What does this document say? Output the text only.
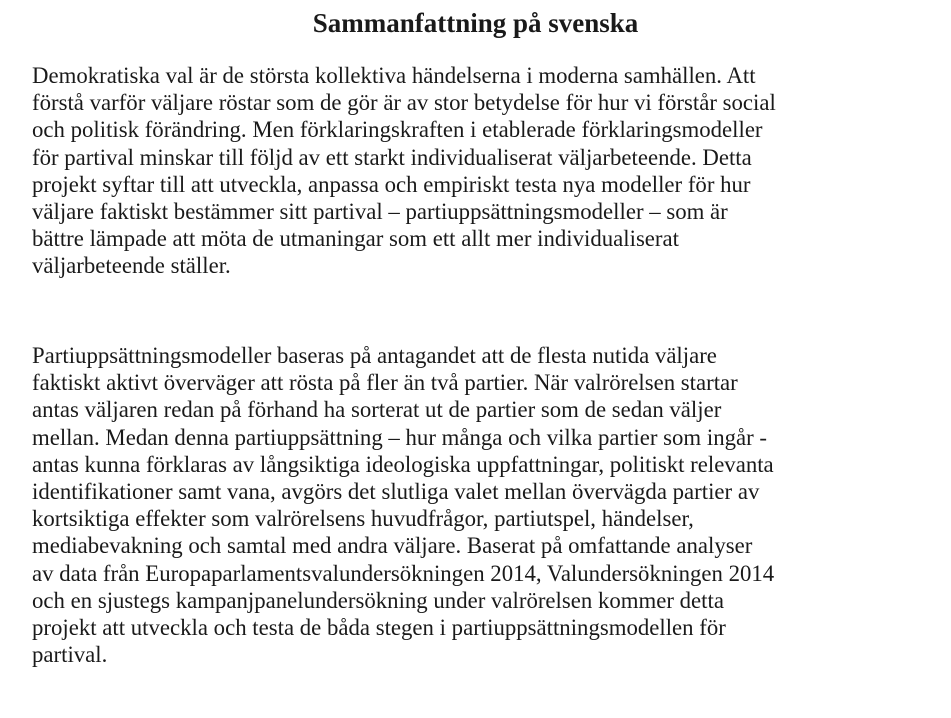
Sammanfattning på svenska

Demokratiska val är de största kollektiva händelserna i moderna samhällen. Att
förstå varför väljare röstar som de gör är av stor betydelse för hur vi förstår social
och politisk förändring. Men förklaringskraften i etablerade förklaringsmodeller
för partival minskar till följd av ett starkt individualiserat väljarbeteende. Detta
projekt syftar till att utveckla, anpassa och empiriskt testa nya modeller för hur
väljare faktiskt bestämmer sitt partival – partiuppsättningsmodeller – som är
bättre lämpade att möta de utmaningar som ett allt mer individualiserat
väljarbeteende ställer.

Partiuppsättningsmodeller baseras på antagandet att de flesta nutida väljare
faktiskt aktivt överväger att rösta på fler än två partier. När valrörelsen startar
antas väljaren redan på förhand ha sorterat ut de partier som de sedan väljer
mellan. Medan denna partiuppsättning – hur många och vilka partier som ingår -
antas kunna förklaras av långsiktiga ideologiska uppfattningar, politiskt relevanta
identifikationer samt vana, avgörs det slutliga valet mellan övervägda partier av
kortsiktiga effekter som valrörelsens huvudfrågor, partiutspel, händelser,
mediabevakning och samtal med andra väljare. Baserat på omfattande analyser
av data från Europaparlamentsvalundersökningen 2014, Valundersökningen 2014
och en sjustegs kampanjpanelundersökning under valrörelsen kommer detta
projekt att utveckla och testa de båda stegen i partiuppsättningsmodellen för
partival.
